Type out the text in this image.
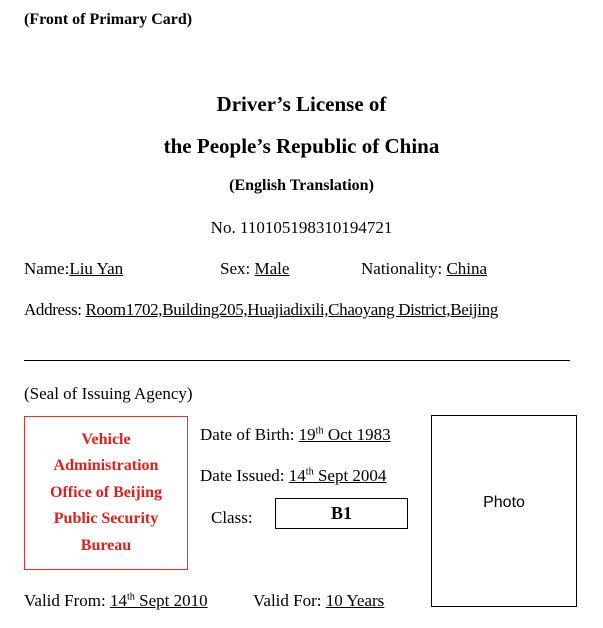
(Front of Primary Card)
Driver’s License of
the People’s Republic of China
(English Translation)
No. 110105198310194721
Name:Liu Yan	Sex: Male	Nationality: China
Address: Room1702,Building205,Huajiadixili,Chaoyang District,Beijing
(Seal of Issuing Agency)
Vehicle
Administration
Office of Beijing
Public Security
Bureau
Date of Birth: 19th Oct 1983
Date Issued: 14th Sept 2004
Class:	B1
Photo
Valid From: 14th Sept 2010	Valid For: 10 Years
